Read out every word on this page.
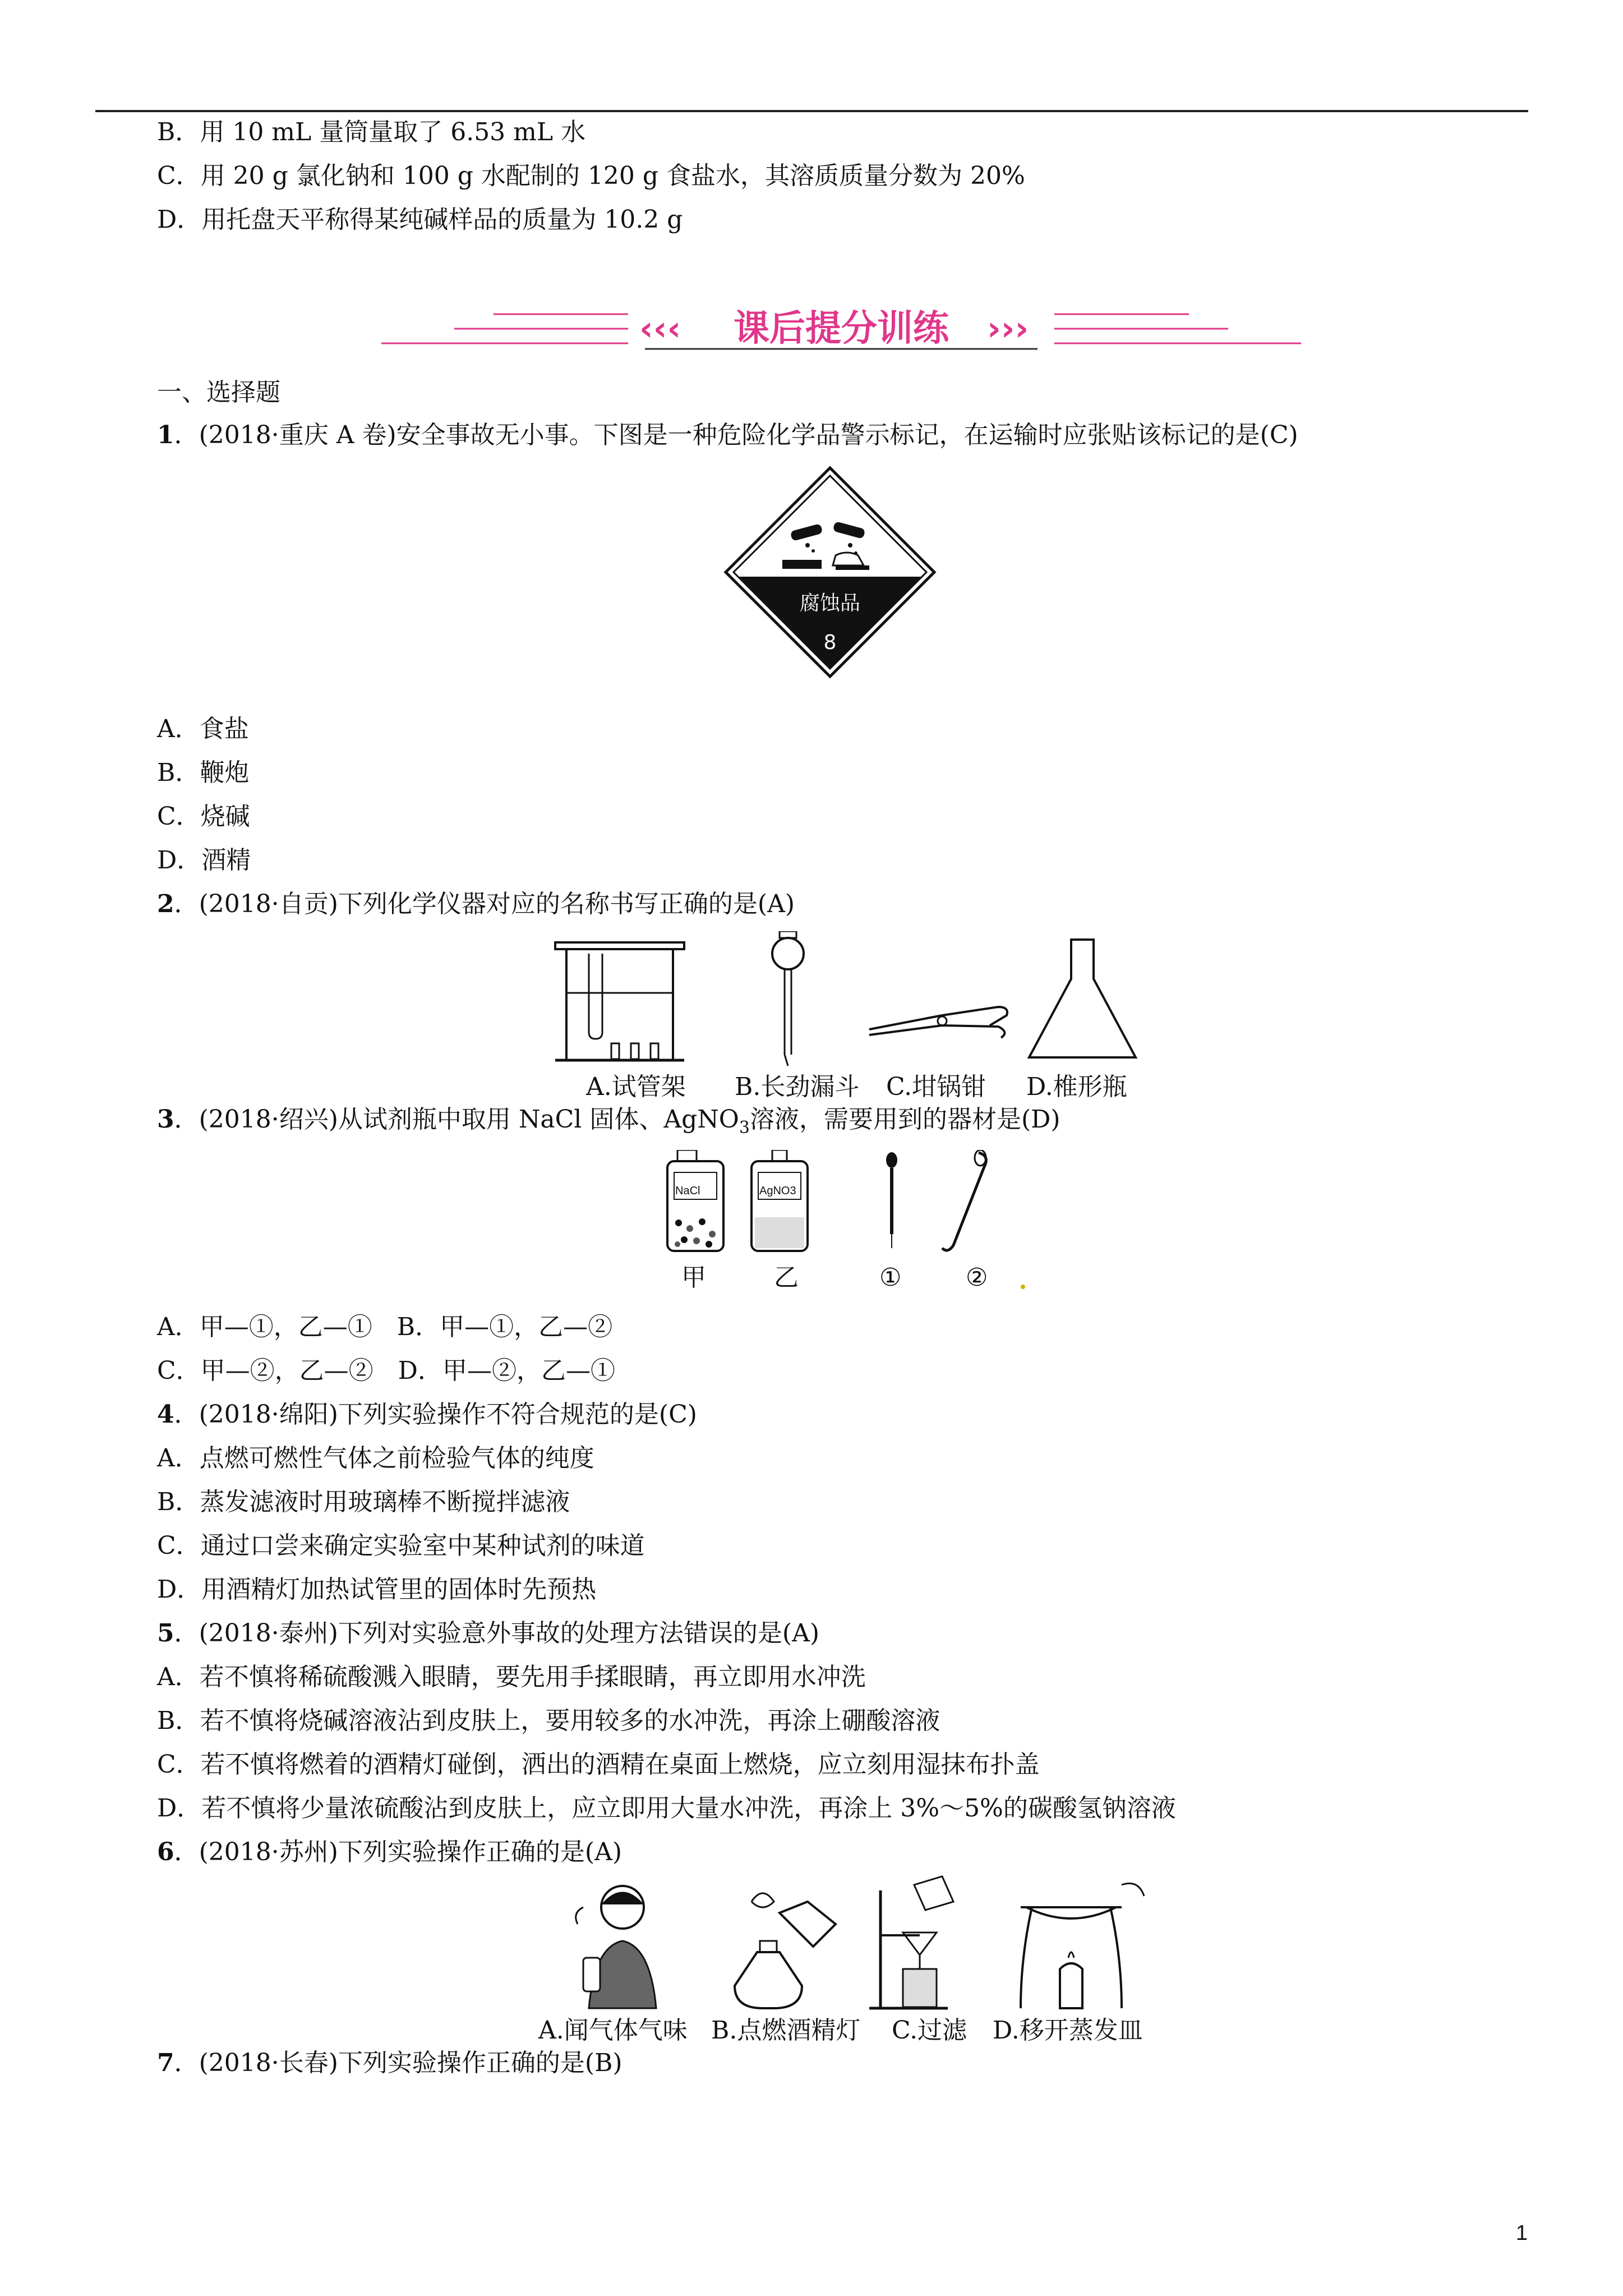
B．用 10 mL 量筒量取了 6.53 mL 水
C．用 20 g 氯化钠和 100 g 水配制的 120 g 食盐水，其溶质质量分数为 20%
D．用托盘天平称得某纯碱样品的质量为 10.2 g
‹‹‹	›››
课后提分训练
一、选择题
1．(2018·重庆 A 卷)安全事故无小事。下图是一种危险化学品警示标记，在运输时应张贴该标记的是(C)
腐蚀品
8
A．食盐
B．鞭炮
C．烧碱
D．酒精
2．(2018·自贡)下列化学仪器对应的名称书写正确的是(A)
A.试管架 B.长劲漏斗 C.坩锅钳 D.椎形瓶
3．(2018·绍兴)从试剂瓶中取用 NaCl 固体、AgNO$_3$溶液，需要用到的器材是(D)
NaCl	AgNO3
甲	乙	①	②
A．甲—①，乙—①　B．甲—①，乙—②
C．甲—②，乙—②　D．甲—②，乙—①
4．(2018·绵阳)下列实验操作不符合规范的是(C)
A．点燃可燃性气体之前检验气体的纯度
B．蒸发滤液时用玻璃棒不断搅拌滤液
C．通过口尝来确定实验室中某种试剂的味道
D．用酒精灯加热试管里的固体时先预热
5．(2018·泰州)下列对实验意外事故的处理方法错误的是(A)
A．若不慎将稀硫酸溅入眼睛，要先用手揉眼睛，再立即用水冲洗
B．若不慎将烧碱溶液沾到皮肤上，要用较多的水冲洗，再涂上硼酸溶液
C．若不慎将燃着的酒精灯碰倒，洒出的酒精在桌面上燃烧，应立刻用湿抹布扑盖
D．若不慎将少量浓硫酸沾到皮肤上，应立即用大量水冲洗，再涂上 3%～5%的碳酸氢钠溶液
6．(2018·苏州)下列实验操作正确的是(A)
A.闻气体气味 B.点燃酒精灯 C.过滤 D.移开蒸发皿
7．(2018·长春)下列实验操作正确的是(B)
1
